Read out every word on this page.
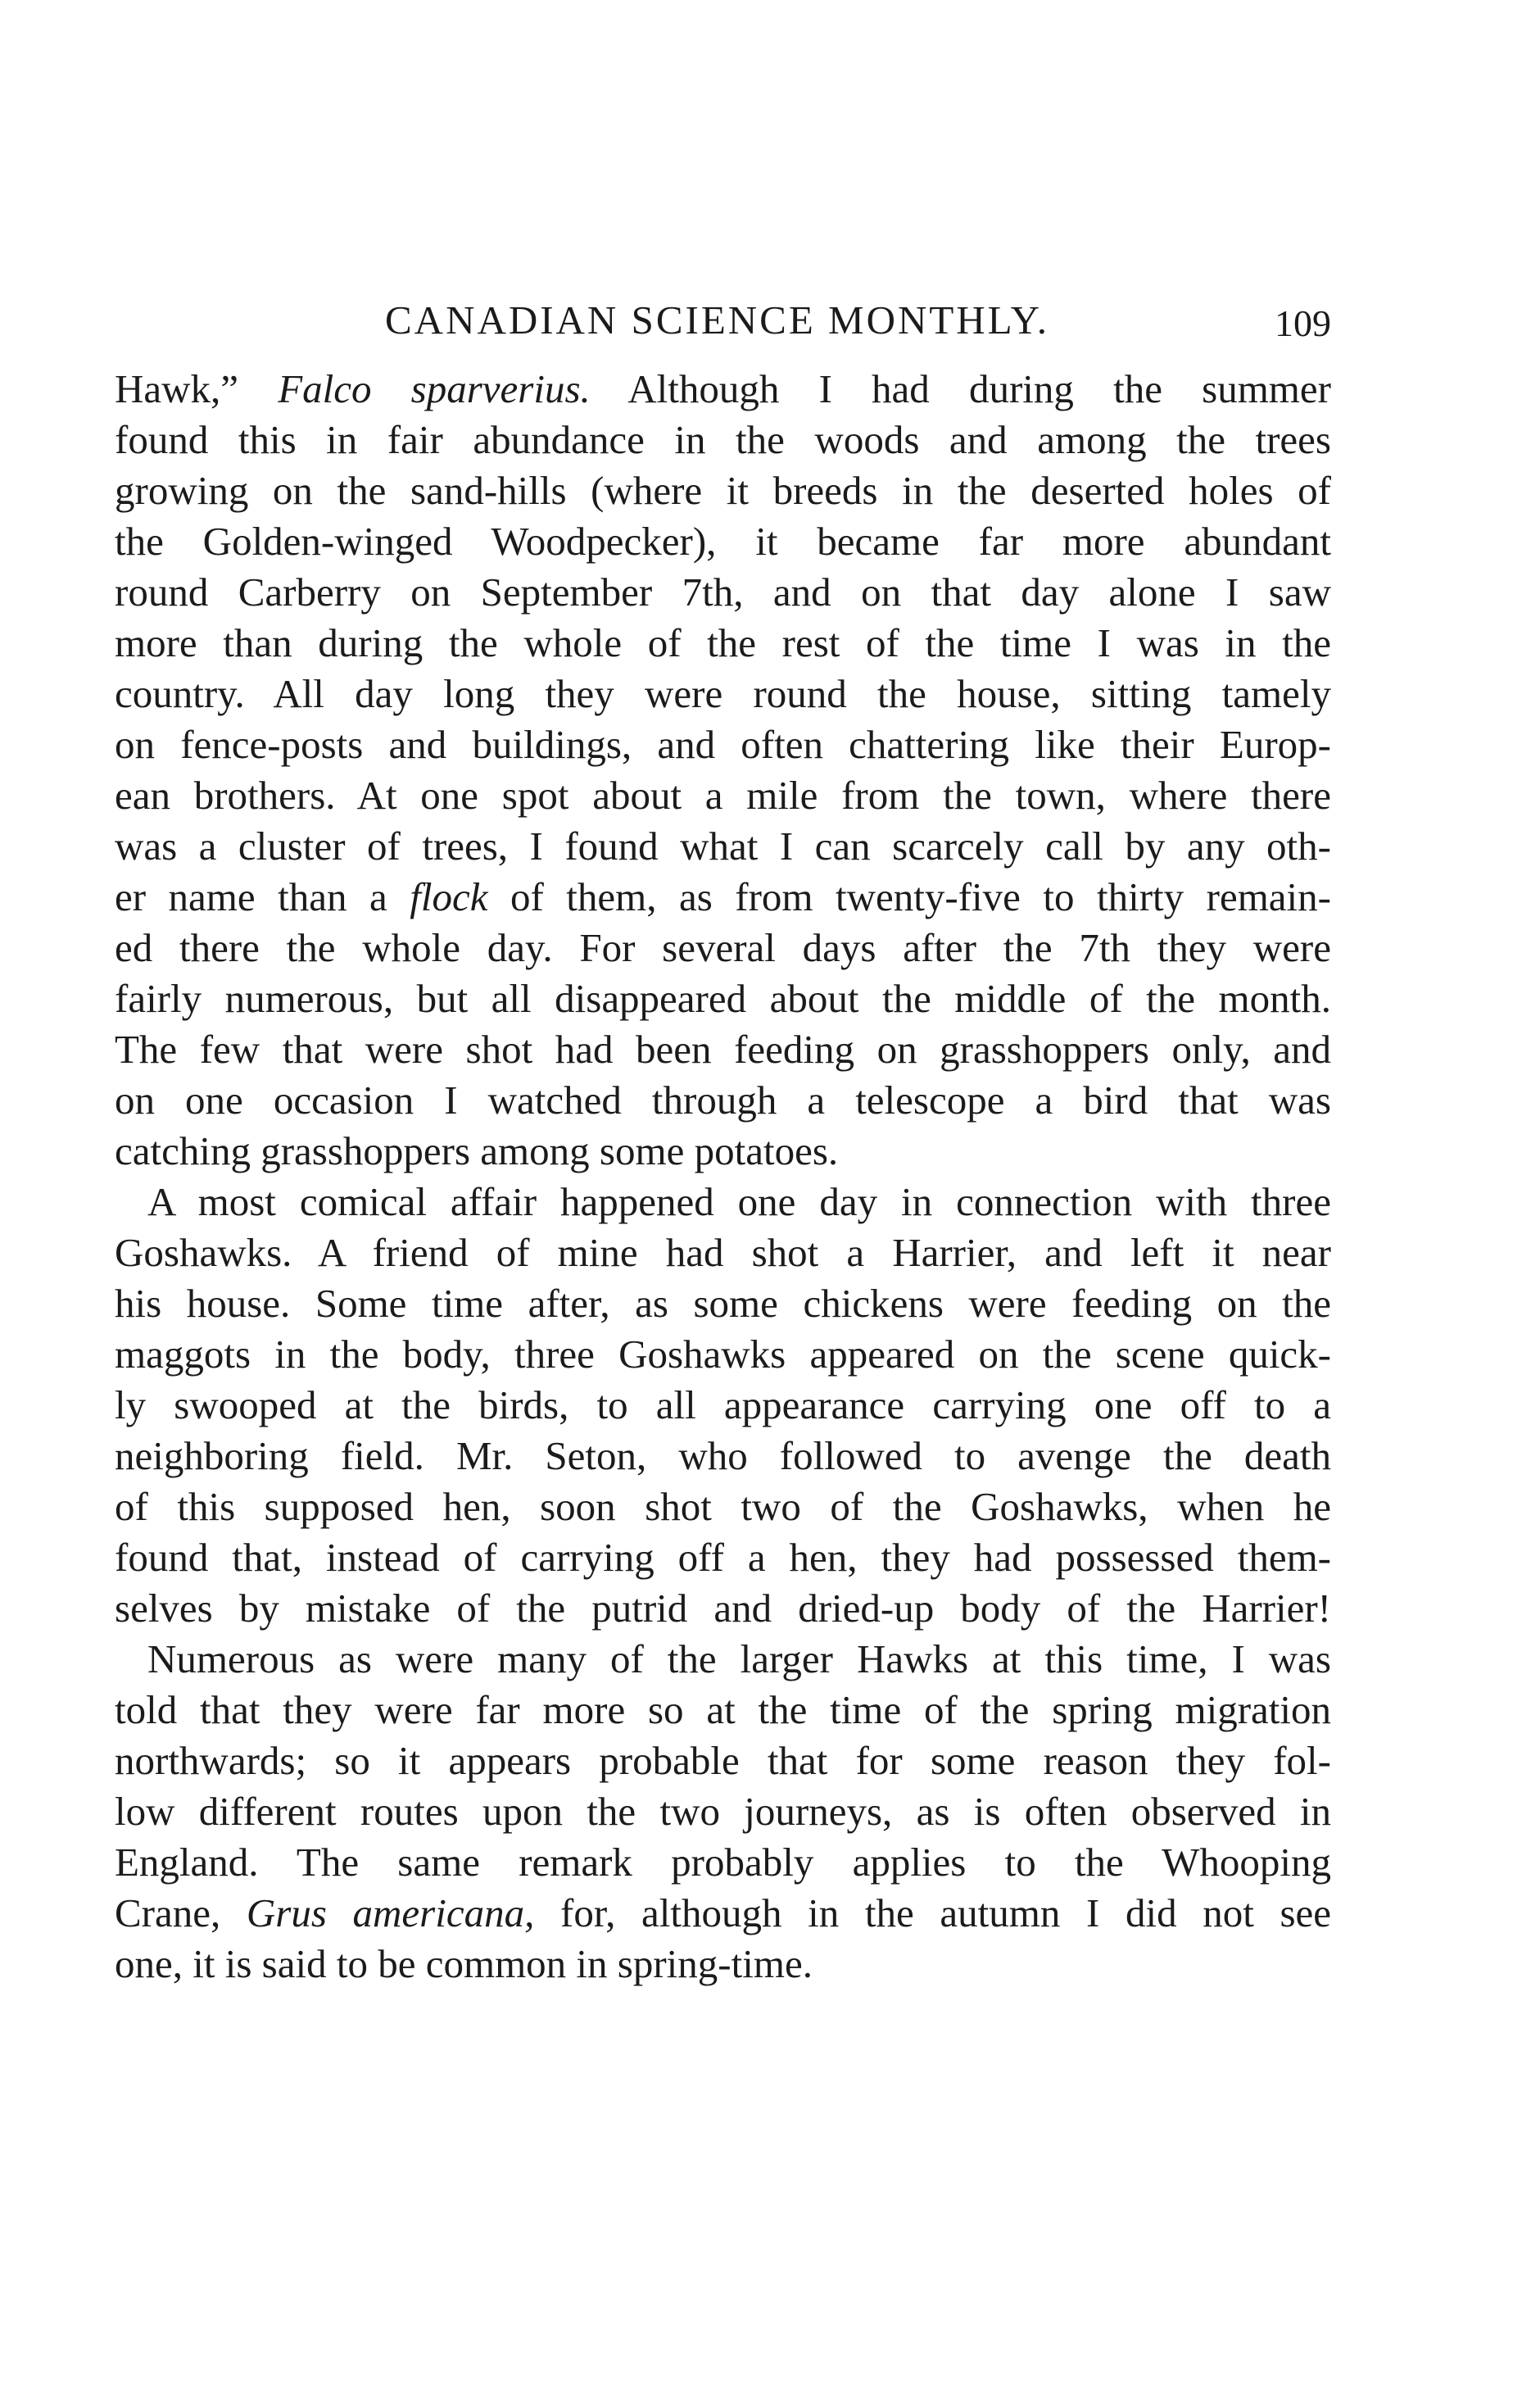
CANADIAN SCIENCE MONTHLY.	109
Hawk,” Falco sparverius. Although I had during the summer
found this in fair abundance in the woods and among the trees
growing on the sand-hills (where it breeds in the deserted holes of
the Golden-winged Woodpecker), it became far more abundant
round Carberry on September 7th, and on that day alone I saw
more than during the whole of the rest of the time I was in the
country. All day long they were round the house, sitting tamely
on fence-posts and buildings, and often chattering like their Europ-
ean brothers. At one spot about a mile from the town, where there
was a cluster of trees, I found what I can scarcely call by any oth-
er name than a flock of them, as from twenty-five to thirty remain-
ed there the whole day. For several days after the 7th they were
fairly numerous, but all disappeared about the middle of the month.
The few that were shot had been feeding on grasshoppers only, and
on one occasion I watched through a telescope a bird that was
catching grasshoppers among some potatoes.
A most comical affair happened one day in connection with three
Goshawks. A friend of mine had shot a Harrier, and left it near
his house. Some time after, as some chickens were feeding on the
maggots in the body, three Goshawks appeared on the scene quick-
ly swooped at the birds, to all appearance carrying one off to a
neighboring field. Mr. Seton, who followed to avenge the death
of this supposed hen, soon shot two of the Goshawks, when he
found that, instead of carrying off a hen, they had possessed them-
selves by mistake of the putrid and dried-up body of the Harrier!
Numerous as were many of the larger Hawks at this time, I was
told that they were far more so at the time of the spring migration
northwards; so it appears probable that for some reason they fol-
low different routes upon the two journeys, as is often observed in
England. The same remark probably applies to the Whooping
Crane, Grus americana, for, although in the autumn I did not see
one, it is said to be common in spring-time.
